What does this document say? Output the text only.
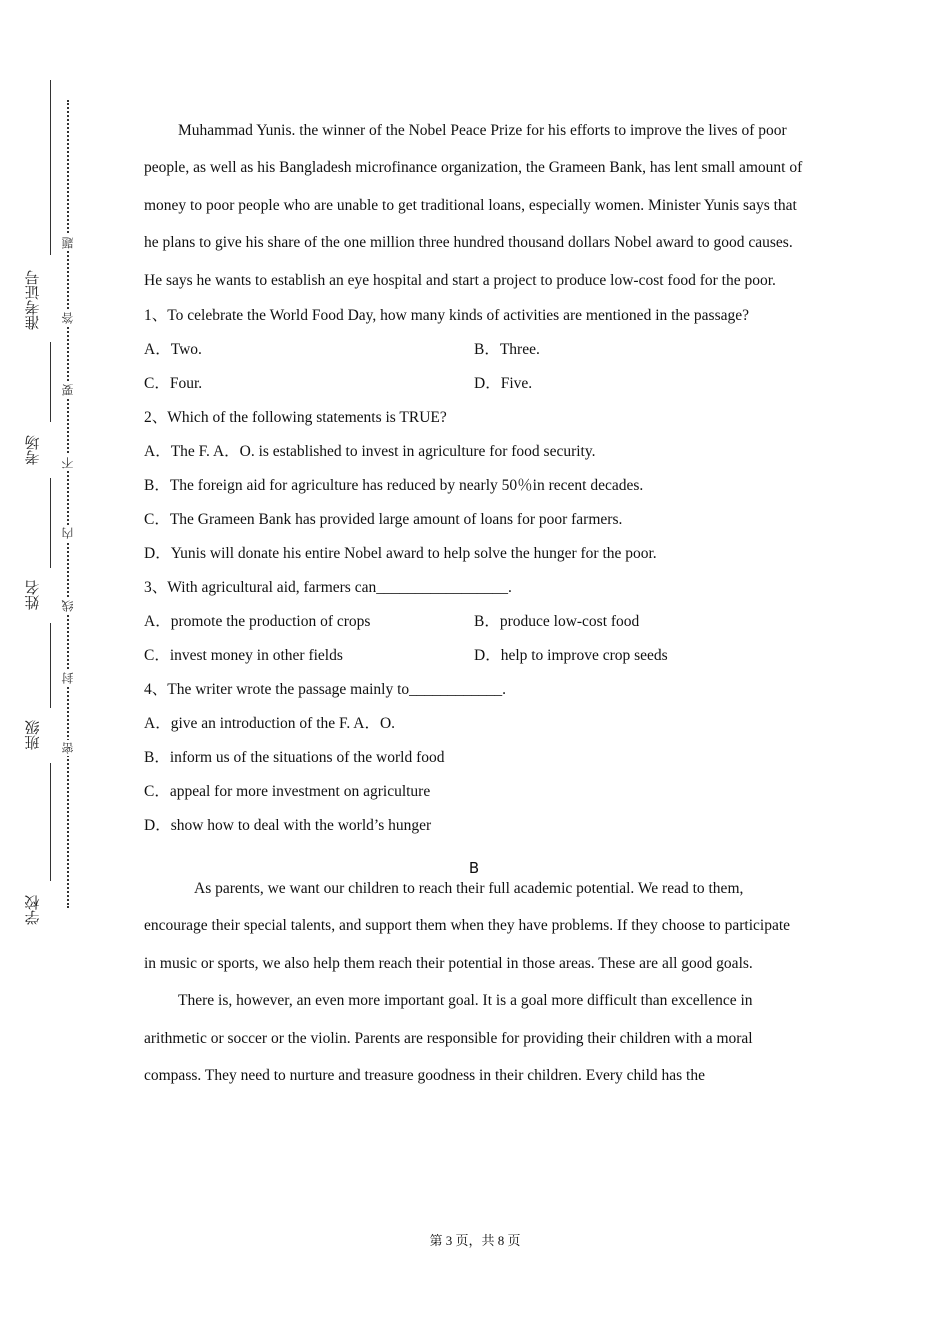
准考证号
考场
姓名
班级
学校
题
答
要
不
内
线
封
密

Muhammad Yunis. the winner of the Nobel Peace Prize for his efforts to improve the lives of poor people, as well as his Bangladesh microfinance organization, the Grameen Bank, has lent small amount of money to poor people who are unable to get traditional loans, especially women. Minister Yunis says that he plans to give his share of the one million three hundred thousand dollars Nobel award to good causes. He says he wants to establish an eye hospital and start a project to produce low-cost food for the poor.

1、To celebrate the World Food Day, how many kinds of activities are mentioned in the passage?

A．Two.	B．Three.
C．Four.	D．Five.

2、Which of the following statements is TRUE?

A．The F. A．O. is established to invest in agriculture for food security.
B．The foreign aid for agriculture has reduced by nearly 50％in recent decades.
C．The Grameen Bank has provided large amount of loans for poor farmers.
D．Yunis will donate his entire Nobel award to help solve the hunger for the poor.

3、With agricultural aid, farmers can_________________.

A．promote the production of crops	B．produce low-cost food
C．invest money in other fields	D．help to improve crop seeds

4、The writer wrote the passage mainly to____________.

A．give an introduction of the F. A．O.
B．inform us of the situations of the world food
C．appeal for more investment on agriculture
D．show how to deal with the world’s hunger
B

As parents, we want our children to reach their full academic potential. We read to them, encourage their special talents, and support them when they have problems. If they choose to participate in music or sports, we also help them reach their potential in those areas. These are all good goals.

There is, however, an even more important goal. It is a goal more difficult than excellence in arithmetic or soccer or the violin. Parents are responsible for providing their children with a moral compass. They need to nurture and treasure goodness in their children. Every child has the

第 3 页，共 8 页
